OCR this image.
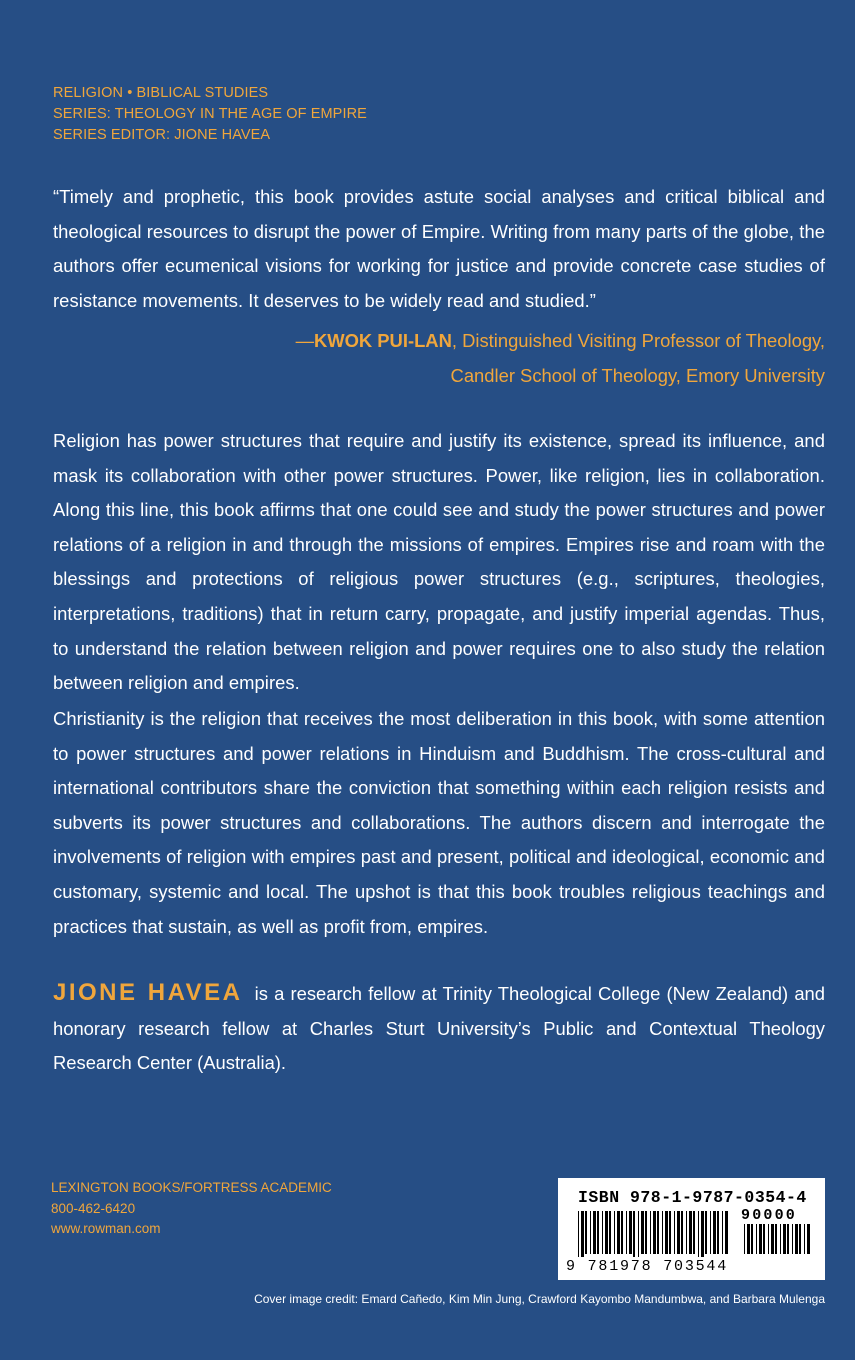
RELIGION • BIBLICAL STUDIES
SERIES: THEOLOGY IN THE AGE OF EMPIRE
SERIES EDITOR: JIONE HAVEA
“Timely and prophetic, this book provides astute social analyses and critical biblical and theological resources to disrupt the power of Empire. Writing from many parts of the globe, the authors offer ecumenical visions for working for justice and provide concrete case studies of resistance movements. It deserves to be widely read and studied.”
—KWOK PUI-LAN, Distinguished Visiting Professor of Theology,
Candler School of Theology, Emory University
Religion has power structures that require and justify its existence, spread its influence, and mask its collaboration with other power structures. Power, like religion, lies in collaboration. Along this line, this book affirms that one could see and study the power structures and power relations of a religion in and through the missions of empires. Empires rise and roam with the blessings and protections of religious power structures (e.g., scriptures, theologies, interpretations, traditions) that in return carry, propagate, and justify imperial agendas. Thus, to understand the relation between religion and power requires one to also study the relation between religion and empires.
Christianity is the religion that receives the most deliberation in this book, with some attention to power structures and power relations in Hinduism and Buddhism. The cross-cultural and international contributors share the conviction that something within each religion resists and subverts its power structures and collaborations. The authors discern and interrogate the involvements of religion with empires past and present, political and ideological, economic and customary, systemic and local. The upshot is that this book troubles religious teachings and practices that sustain, as well as profit from, empires.
JIONE HAVEA is a research fellow at Trinity Theological College (New Zealand) and honorary research fellow at Charles Sturt University’s Public and Contextual Theology Research Center (Australia).
LEXINGTON BOOKS/FORTRESS ACADEMIC
800-462-6420
www.rowman.com
ISBN 978-1-9787-0354-4
90000
9 781978 703544
Cover image credit: Emard Cañedo, Kim Min Jung, Crawford Kayombo Mandumbwa, and Barbara Mulenga
